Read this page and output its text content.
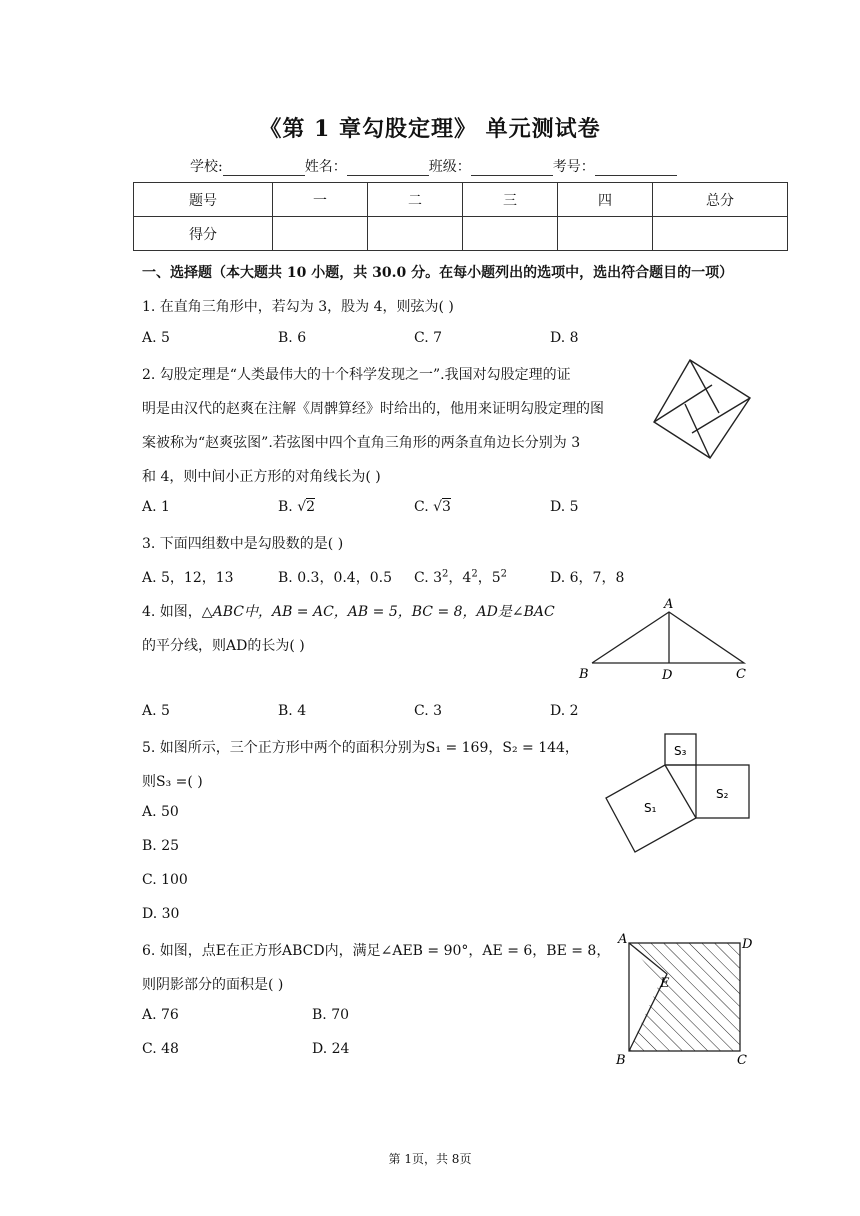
《第 1 章勾股定理》 单元测试卷
学校:	姓名：	班级：	考号：
题号	一	二	三	四	总分
得分					
一、选择题（本大题共 10 小题，共 30.0 分。在每小题列出的选项中，选出符合题目的一项）
1. 在直角三角形中，若勾为 3，股为 4，则弦为( )
A. 5	B. 6	C. 7	D. 8
2. 勾股定理是“人类最伟大的十个科学发现之一”.我国对勾股定理的证
明是由汉代的赵爽在注解《周髀算经》时给出的，他用来证明勾股定理的图
案被称为“赵爽弦图”.若弦图中四个直角三角形的两条直角边长分别为 3
和 4，则中间小正方形的对角线长为( )
A. 1	B. √2	C. √3	D. 5
3. 下面四组数中是勾股数的是( )
A. 5，12，13	B. 0.3，0.4，0.5 C. $3^2$，$4^2$，$5^2$	D. 6，7，8
4. 如图，△ABC中，AB = AC，AB = 5，BC = 8，AD是∠BAC
的平分线，则AD的长为( )
A. 5	B. 4	C. 3	D. 2
A
B	D	C
5. 如图所示，三个正方形中两个的面积分别为S₁ = 169，S₂ = 144，
则S₃ =( )
A. 50
B. 25
C. 100
D. 30
S₃
S₂
S₁
6. 如图，点E在正方形ABCD内，满足∠AEB = 90°，AE = 6，BE = 8，
则阴影部分的面积是( )
A. 76	B. 70
C. 48	D. 24
A	D
E
B	C
第 1页，共 8页
